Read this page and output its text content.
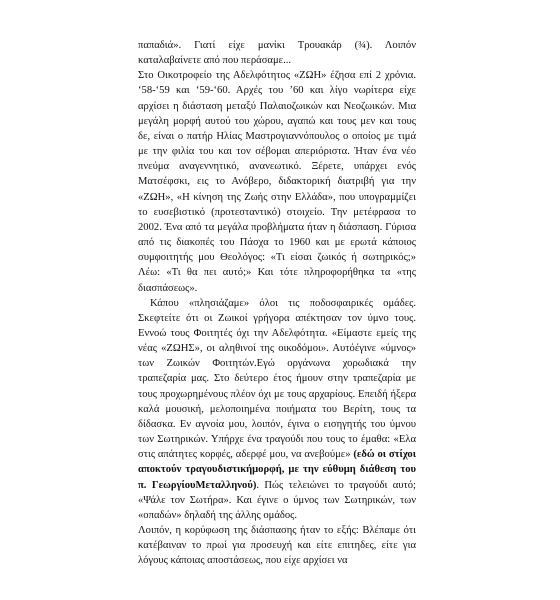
παπαδιά». Γιατί είχε μανίκι Τρουακάρ (¾). Λοιπόν καταλαβαίνετε από που περάσαμε...

Στο Οικοτροφείο της Αδελφότητος «ΖΩΗ» έζησα επί 2 χρόνια. ‘58-‘59 και ‘59-‘60. Αρχές του ’60 και λίγο νωρίτερα είχε αρχίσει η διάσταση μεταξύ Παλαιοζωικών και Νεοζωικών. Μια μεγάλη μορφή αυτού του χώρου, αγαπώ και τους μεν και τους δε, είναι ο πατήρ Ηλίας Μαστρογιαννόπουλος ο οποίος με τιμά με την φιλία του και τον σέβομαι απεριόριστα. Ήταν ένα νέο πνεύμα αναγεννητικό, ανανεωτικό. Ξέρετε, υπάρχει ενός Ματσέφσκι, εις το Ανόβερο, διδακτορική διατριβή για την «ΖΩΗ», «Η κίνηση της Ζωής στην Ελλάδα», που υπογραμμίζει το ευσεβιστικό (προτεσταντικό) στοιχείο. Την μετέφρασα το 2002. Ένα από τα μεγάλα προβλήματα ήταν η διάσπαση. Γύρισα από τις διακοπές του Πάσχα το 1960 και με ερωτά κάποιος συμφοιτητής μου Θεολόγος: «Τι είσαι ζωικός ή σωτηρικός;» Λέω: «Τι θα πει αυτό;» Και τότε πληροφορήθηκα τα «της διασπάσεως».

Κάπου «πλησιάζαμε» όλοι τις ποδοσφαιρικές ομάδες. Σκεφτείτε ότι οι Ζωικοί γρήγορα απέκτησαν τον ύμνο τους. Εννοώ τους Φοιτητές όχι την Αδελφότητα. «Είμαστε εμείς της νέας «ΖΩΗΣ», οι αληθινοί της οικοδόμοι». Αυτόέγινε «ύμνος» των Ζωικών Φοιτητών.Εγώ οργάνωνα χορωδιακά την τραπεζαρία μας. Στο δεύτερο έτος ήμουν στην τραπεζαρία με τους προχωρημένους πλέον όχι με τους αρχαρίους. Επειδή ήξερα καλά μουσική, μελοποιημένα ποιήματα του Βερίτη, τους τα δίδασκα. Εν αγνοία μου, λοιπόν, έγινα ο εισηγητής του ύμνου των Σωτηρικών. Υπήρχε ένα τραγούδι που τους το έμαθα: «Ελα στις απάτητες κορφές, αδερφέ μου, να ανεβούμε» (εδώ οι στίχοι αποκτούν τραγουδιστικήμορφή, με την εύθυμη διάθεση του π. ΓεωργίουΜεταλληνού). Πώς τελειώνει το τραγούδι αυτό; «Ψάλε τον Σωτήρα». Και έγινε ο ύμνος των Σωτηρικών, των «οπαδών» δηλαδή της άλλης ομάδος.

Λοιπόν, η κορύφωση της διάσπασης ήταν το εξής: Βλέπαμε ότι κατέβαιναν το πρωί για προσευχή και είτε επιτηδες, είτε για λόγους κάποιας αποστάσεως, που είχε αρχίσει να
